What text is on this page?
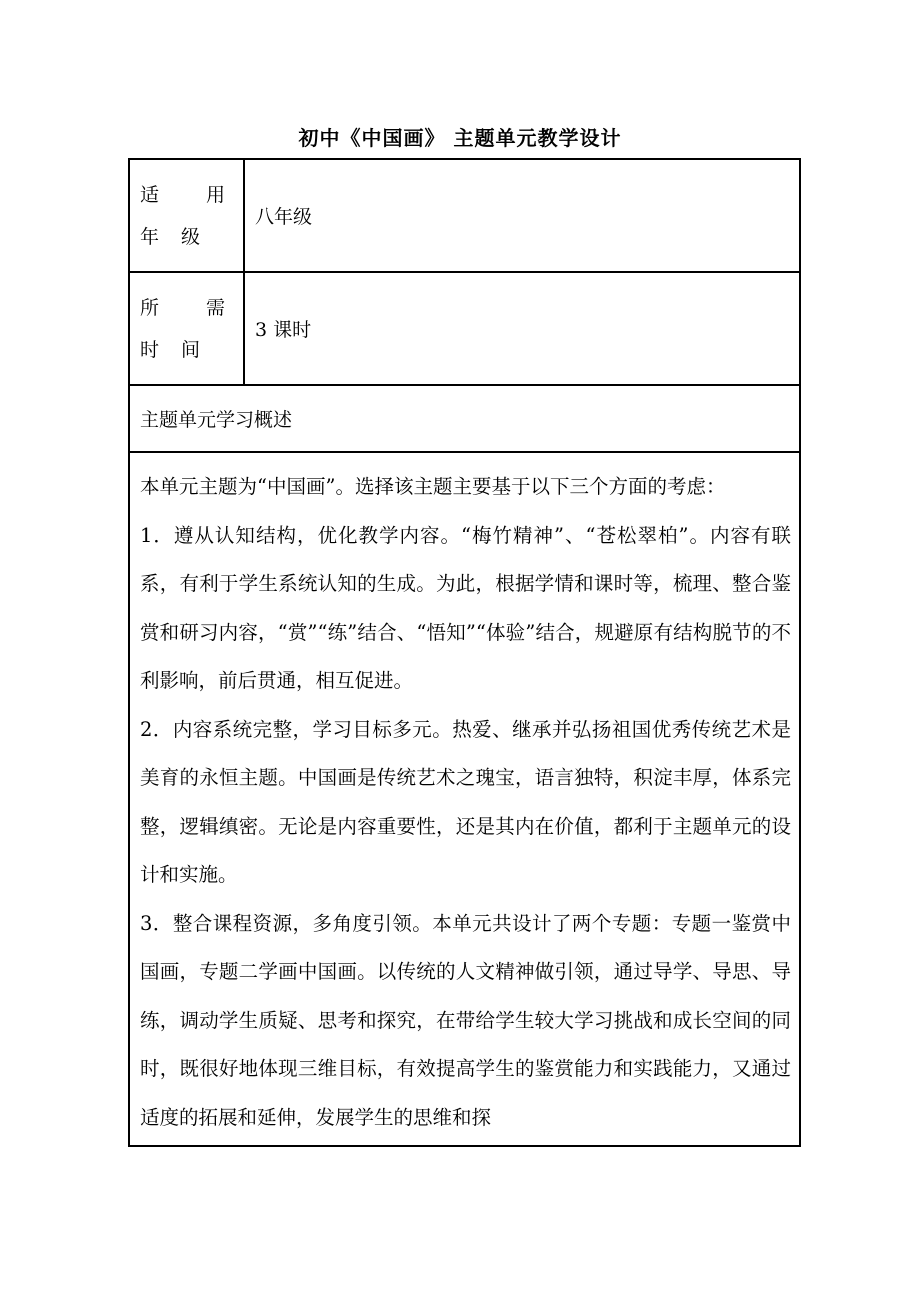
初中《中国画》 主题单元教学设计
适 用 年 级	八年级

所 需 时 间	3 课时
主题单元学习概述	

本单元主题为“中国画”。选择该主题主要基于以下三个方面的考虑：

1．遵从认知结构，优化教学内容。“梅竹精神”、“苍松翠柏”。内容有联系，有利于学生系统认知的生成。为此，根据学情和课时等，梳理、整合鉴赏和研习内容，“赏”“练”结合、“悟知”“体验”结合，规避原有结构脱节的不利影响，前后贯通，相互促进。

2．内容系统完整，学习目标多元。热爱、继承并弘扬祖国优秀传统艺术是美育的永恒主题。中国画是传统艺术之瑰宝，语言独特，积淀丰厚，体系完整，逻辑缜密。无论是内容重要性，还是其内在价值，都利于主题单元的设计和实施。

3．整合课程资源，多角度引领。本单元共设计了两个专题：专题一鉴赏中国画，专题二学画中国画。以传统的人文精神做引领，通过导学、导思、导练，调动学生质疑、思考和探究，在带给学生较大学习挑战和成长空间的同时，既很好地体现三维目标，有效提高学生的鉴赏能力和实践能力，又通过适度的拓展和延伸，发展学生的思维和探	
